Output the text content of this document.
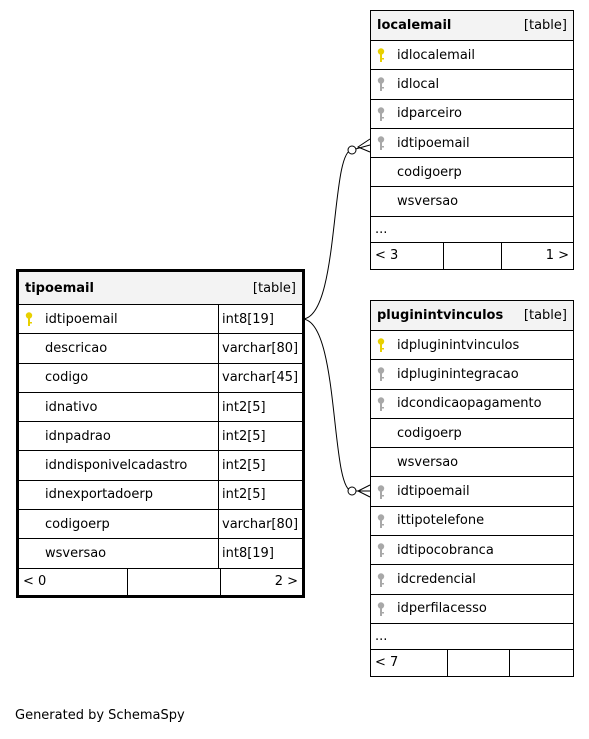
localemail	[table]
idlocalemail
idlocal
idparceiro
idtipoemail
codigoerp
wsversao
...
< 3	1 >
tipoemail	[table]
idtipoemail	int8[19]
descricao	varchar[80]
codigo	varchar[45]
idnativo	int2[5]
idnpadrao	int2[5]
idndisponivelcadastro	int2[5]
idnexportadoerp	int2[5]
codigoerp	varchar[80]
wsversao	int8[19]
< 0	2 >
pluginintvinculos [table]
idpluginintvinculos
idpluginintegracao
idcondicaopagamento
codigoerp
wsversao
idtipoemail
ittipotelefone
idtipocobranca
idcredencial
idperfilacesso
...
< 7
Generated by SchemaSpy
